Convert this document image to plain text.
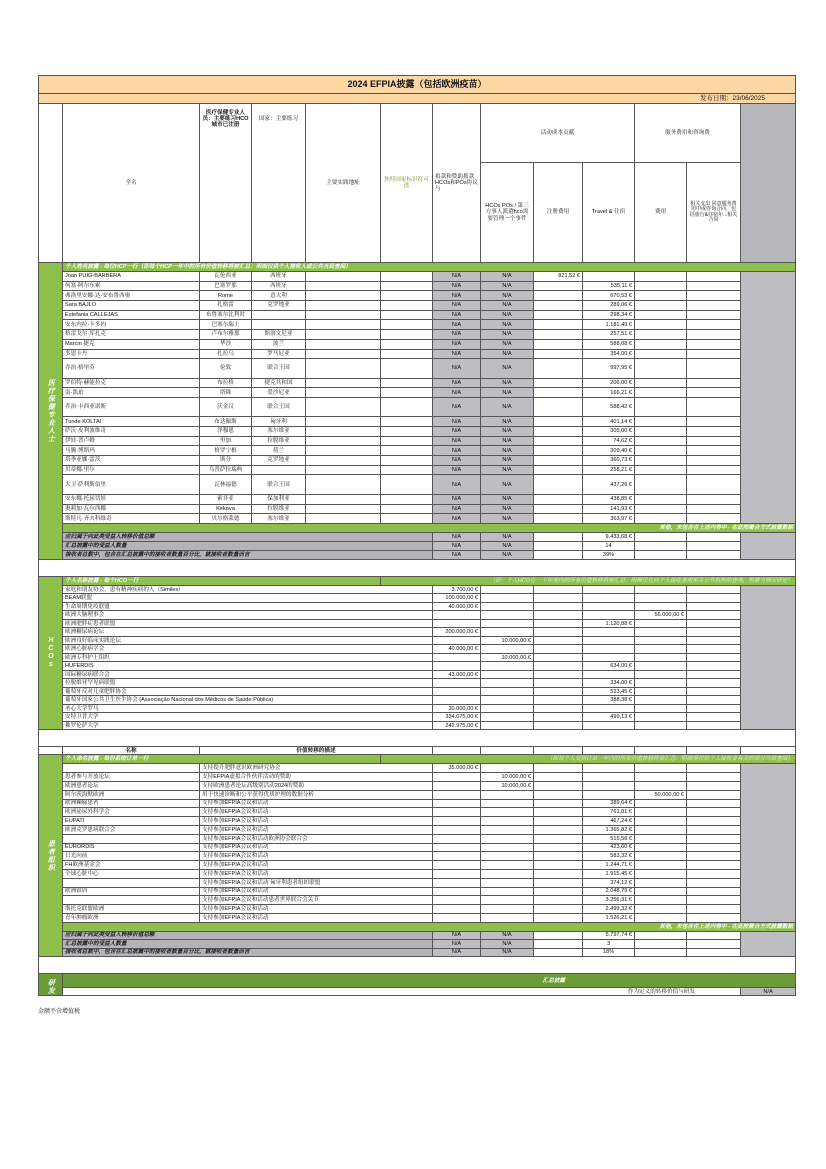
2024 EFPIA披露（包括欧洲疫苗）												
发布日期：23/06/2025												
	全名	医疗保健专业人员：主要练习HCO城市已注册	国家：主要练习	主要实践地址	独特国家标识符可选	捐款和赞助拨款HCOs和POs协议与	活动成本贡献			服务费用和咨询费		
							HCOs POs / 第三方事人派遣hco需要管理一个事件	注册费用	Travel & 住宿	费用	相关支出 同意服务费用中或咨询合同，包括旅行&住宿年...相关合同	
医疗保健专业人士	个人姓名披露 - 每位HCP一行（即每个HCP一年中的所有价值转移将被汇总：明细仅供个人接收人或公共当局查阅）											
	Joan PUIG-BARBERA	瓦伦西亚	西班牙			N/A	N/A	821,52 €				
	何塞·阿尔东索	巴塞罗那	西班牙			N/A	N/A		535,11 €			
	弗洛里安娜·达·安布鲁西奥	Rome	意大利			N/A	N/A		670,53 €			
	Sara BAJLO	扎格雷	克罗地亚			N/A	N/A		289,06 €			
	Estefania CALLEJAS	布鲁塞尔比利时				N/A	N/A		298,34 €			
	安东内拉·卡多内	巴塞尔瑞士				N/A	N/A		1.181,49 €			
	格雷戈尔·库扎克	卢布尔雅那	斯洛文尼亚			N/A	N/A		257,51 €			
	Marcin 捷克	华沙	波兰			N/A	N/A		588,08 €			
	多恩卡丹	扎拉乌	罗马尼亚			N/A	N/A		354,00 €			
	乔治·格里芬	伦敦	联合王国			N/A	N/A		997,95 €			
	罗伯特·赫能拉克	布拉格	捷克共和国			N/A	N/A		206,00 €			
	南·凯珀	塔隆	爱沙尼亚			N/A	N/A		166,21 €			
	乔治·卡西亚诺斯	沃金汉	联合王国			N/A	N/A		588,42 €			
	Tunde KOLTAI	布达佩斯	匈牙利			N/A	N/A		401,14 €			
	萨沃·皮利波维奇	泽穆恩	塞尔维亚			N/A	N/A		305,00 €			
	伊娃·普卢姆	里加	拉脱维亚			N/A	N/A		74,62 €			
	马腾·博斯玛	格罗宁根	荷兰			N/A	N/A		309,40 €			
	塔季亚娜·雷茨	斯分	克罗地亚			N/A	N/A		360,73 €			
	贝蒂娜·里尔	乌普萨拉瑞典				N/A	N/A		258,21 €			
	大卫·萨利斯伯里	瓦林福德	联合王国			N/A	N/A		437,26 €			
	安东娜·托屈切娃	索非亚	保加利亚			N/A	N/A		438,85 €			
	奥莉加·瓦尔西娜	Kekava	拉脱维亚			N/A	N/A		141,93 €			
	斯特凡·齐夫科维奇	贝尔格莱德	塞尔维亚			N/A	N/A		363,97 €			
	其他，未包含在上述内容中 - 在此按聚合方式披露数据											
	应归属于向此类受益人转移价值总额					N/A	N/A		9.433,68 €			
	汇总披露中的受益人数量					N/A	N/A		14			
	接收者总数中，包含在汇总披露中的接收者数量百分比，就接收者数量而言					N/A	N/A		39%			

HCOs	个人名称披露 - 每个HCO一行				（即：个人HCO在一个年度内的所有价值转移将被汇总：明细仅在向个人接收者或相关公共机构的查询，根据当情况而定）							
	家庭和朋友协会，患有精神疾病的人（Similes）					3.700,00 €						
	BEAM联盟					100.000,00 €						
	生命周期免疫联盟					40.000,00 €						
	欧洲大脑理事会									56.000,00 €		
	欧洲肥胖症患者联盟								1.120,88 €			
	欧洲糖尿病论坛					200.000,00 €						
	欧洲良好临床实践论坛						10.000,00 €					
	欧洲心脏病学会					40.000,00 €						
	欧洲专科护士组织						10.000,00 €					
	HUFERDIS								634,00 €			
	国际糖尿病联合会					43.000,00 €						
	拉脱维亚罕见病联盟								334,00 €			
	葡萄牙反对儿童肥胖协会								523,45 €			
	葡萄牙国家公共卫生医生协会 (Associação Nacional dos Médicos de Saúde Pública)								388,38 €			
	圣心大学罗马					20.000,00 €						
	安特卫普大学					334.075,00 €			499,13 €			
	佛罗伦萨大学					242.975,00 €						

	名称	价值转移的描述										
患者组织	个人命名披露 - 每份系统订单一行				（即每个人受到订单一年内的所有价值转移将被汇总：明细须仅供个人接收者有关的部分当局查阅）							
		支持提升肥胖意识欧洲研究协会				35.000,00 €						
	患者参与开放论坛	支持EFPIA虚拟合作伙伴活动的赞助					10.000,00 €					
	欧洲患者论坛	支持欧洲患者论坛高级别活动2024的赞助					10.000,00 €					
	阿尔茨海默欧洲	用于快速诊断和公平获得优质护理的数据分析								50.000,00 €		
	欧洲癫痫患者	支持参加EFPIA会议和活动							389,64 €			
	欧洲泌尿外科学会	支持参加EFPIA会议和活动							761,81 €			
	EUPATI	支持参加EFPIA会议和活动							467,24 €			
	欧洲克罗恩病联合会	支持参加EFPIA会议和活动							1.365,82 €			
		支持参加EFPIA会议和活动欧洲协会联合会							515,56 €			
	EURORDIS	支持参加EFPIA会议和活动							423,60 €			
	日光向前	支持参加EFPIA会议和活动							583,32 €			
	FH欧洲基金会	支持参加EFPIA会议和活动							1.244,71 €			
	全球心脏中心	支持参加EFPIA会议和活动							1.915,45 €			
		支持参加EFPIA会议和活动 匈牙利患者组织联盟							374,12 €			
	欧洲银屑	支持参加EFPIA会议和活动							2.048,79 €			
		支持参加EFPIA会议和活动患者世界联合会关节							3.256,31 €			
	斯托克联盟欧洲	支持参加EFPIA会议和活动							2.499,32 €			
	青年肿瘤欧洲	支持参加EFPIA会议和活动							1.526,21 €			
	其他，未包含在上述内容中 - 在此按聚合方式披露数据											
	应归属于向此类受益人转移价值总额					N/A	N/A		5.797,74 €			
	汇总披露中的受益人数量					N/A	N/A		3			
	接收者总数中，包含在汇总披露中的接收者数量百分比，就接收者数量而言					N/A	N/A		18%			

研发	汇总披露											
	作为定义的转移价值与研发											N/A
金额不含增值税
